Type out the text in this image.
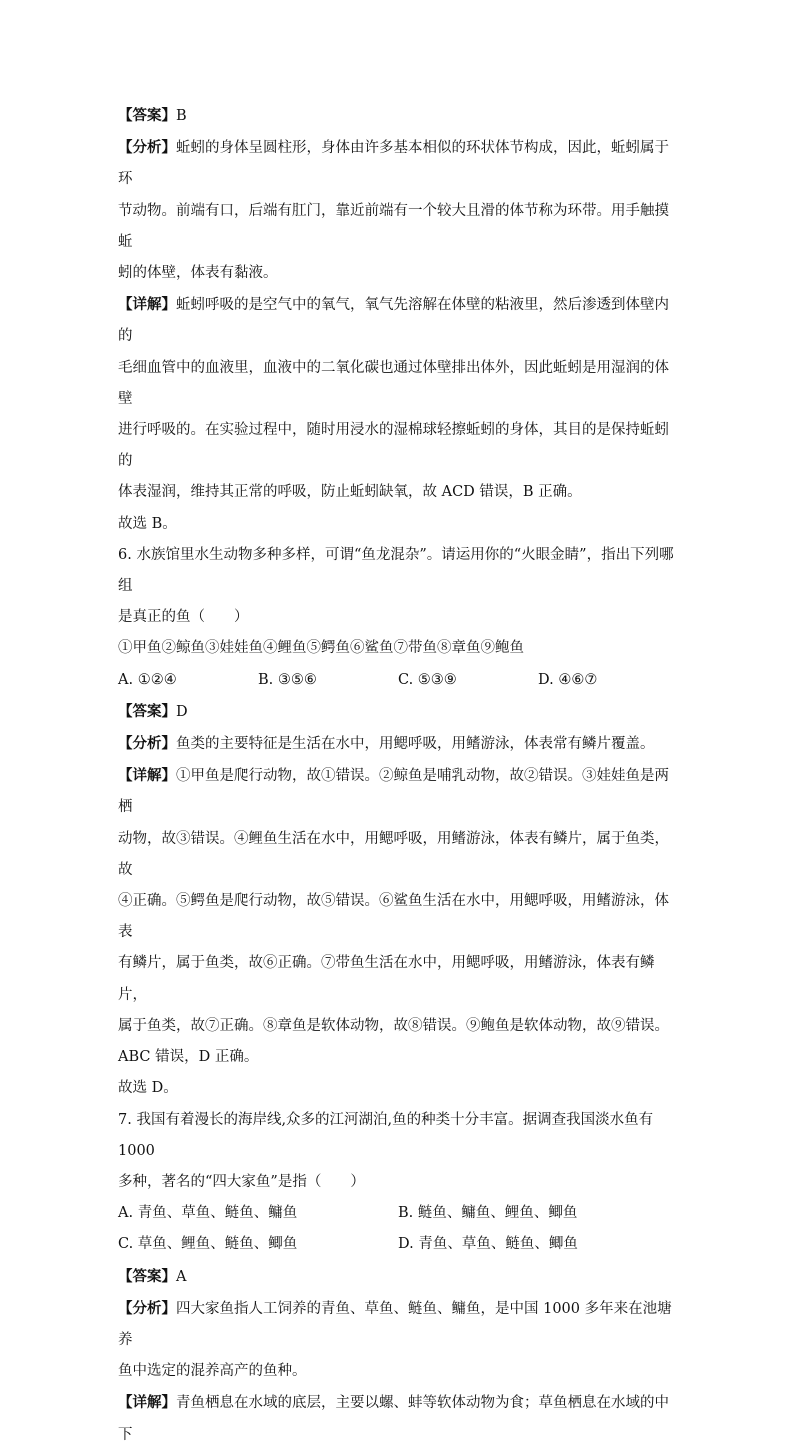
【答案】B

【分析】蚯蚓的身体呈圆柱形，身体由许多基本相似的环状体节构成，因此，蚯蚓属于环

节动物。前端有口，后端有肛门，靠近前端有一个较大且滑的体节称为环带。用手触摸蚯

蚓的体壁，体表有黏液。

【详解】蚯蚓呼吸的是空气中的氧气，氧气先溶解在体壁的粘液里，然后渗透到体壁内的

毛细血管中的血液里，血液中的二氧化碳也通过体壁排出体外，因此蚯蚓是用湿润的体壁

进行呼吸的。在实验过程中，随时用浸水的湿棉球轻擦蚯蚓的身体，其目的是保持蚯蚓的

体表湿润，维持其正常的呼吸，防止蚯蚓缺氧，故 ACD 错误，B 正确。

故选 B。

6. 水族馆里水生动物多种多样，可谓“鱼龙混杂”。请运用你的“火眼金睛”，指出下列哪组

是真正的鱼（　　）

①甲鱼②鲸鱼③娃娃鱼④鲤鱼⑤鳄鱼⑥鲨鱼⑦带鱼⑧章鱼⑨鲍鱼

A. ①②④	B. ③⑤⑥	C. ⑤③⑨	D. ④⑥⑦

【答案】D

【分析】鱼类的主要特征是生活在水中，用鳃呼吸，用鳍游泳，体表常有鳞片覆盖。

【详解】①甲鱼是爬行动物，故①错误。②鲸鱼是哺乳动物，故②错误。③娃娃鱼是两栖

动物，故③错误。④鲤鱼生活在水中，用鳃呼吸，用鳍游泳，体表有鳞片，属于鱼类，故

④正确。⑤鳄鱼是爬行动物，故⑤错误。⑥鲨鱼生活在水中，用鳃呼吸，用鳍游泳，体表

有鳞片，属于鱼类，故⑥正确。⑦带鱼生活在水中，用鳃呼吸，用鳍游泳，体表有鳞片，

属于鱼类，故⑦正确。⑧章鱼是软体动物，故⑧错误。⑨鲍鱼是软体动物，故⑨错误。

ABC 错误，D 正确。

故选 D。

7. 我国有着漫长的海岸线,众多的江河湖泊,鱼的种类十分丰富。据调查我国淡水鱼有 1000

多种，著名的“四大家鱼”是指（　　）

A. 青鱼、草鱼、鲢鱼、鳙鱼	B. 鲢鱼、鳙鱼、鲤鱼、鲫鱼

C. 草鱼、鲤鱼、鲢鱼、鲫鱼	D. 青鱼、草鱼、鲢鱼、鲫鱼

【答案】A

【分析】四大家鱼指人工饲养的青鱼、草鱼、鲢鱼、鳙鱼，是中国 1000 多年来在池塘养

鱼中选定的混养高产的鱼种。

【详解】青鱼栖息在水域的底层，主要以螺、蚌等软体动物为食；草鱼栖息在水域的中下
